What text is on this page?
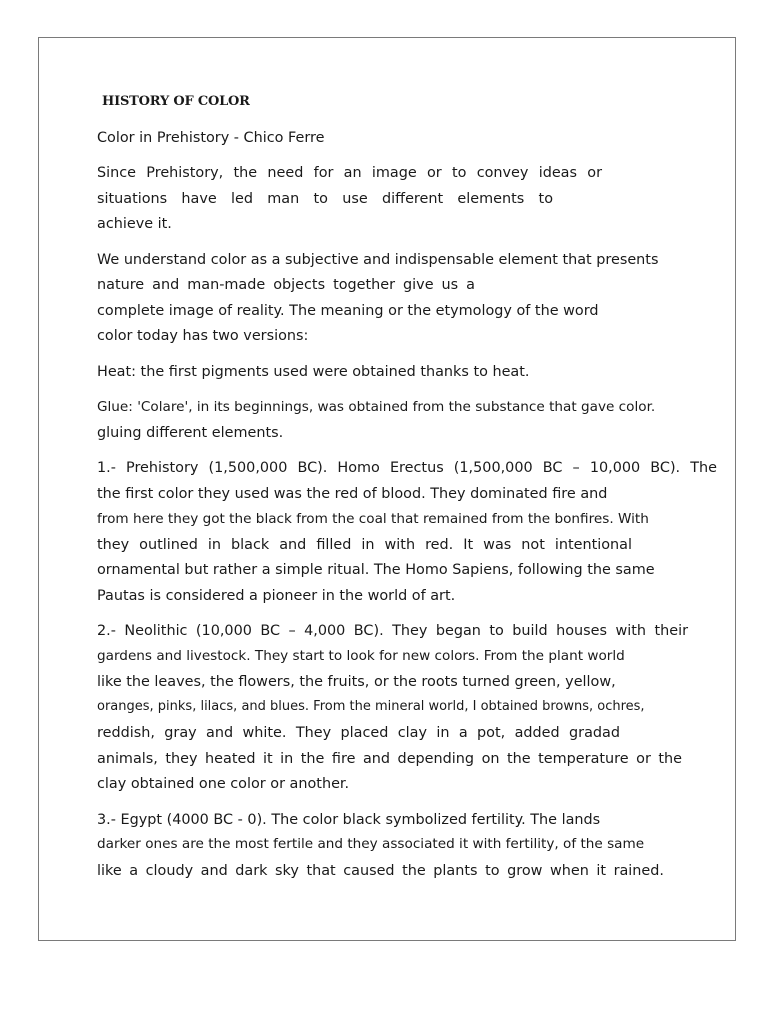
HISTORY OF COLOR

Color in Prehistory - Chico Ferre

Since Prehistory, the need for an image or to convey ideas or

situations have led man to use different elements to

achieve it.

We understand color as a subjective and indispensable element that presents

nature and man-made objects together give us a

complete image of reality. The meaning or the etymology of the word

color today has two versions:

Heat: the first pigments used were obtained thanks to heat.

Glue: 'Colare', in its beginnings, was obtained from the substance that gave color.

gluing different elements.

1.- Prehistory (1,500,000 BC). Homo Erectus (1,500,000 BC – 10,000 BC). The

the first color they used was the red of blood. They dominated fire and

from here they got the black from the coal that remained from the bonfires. With

they outlined in black and filled in with red. It was not intentional

ornamental but rather a simple ritual. The Homo Sapiens, following the same

Pautas is considered a pioneer in the world of art.

2.- Neolithic (10,000 BC – 4,000 BC). They began to build houses with their

gardens and livestock. They start to look for new colors. From the plant world

like the leaves, the flowers, the fruits, or the roots turned green, yellow,

oranges, pinks, lilacs, and blues. From the mineral world, I obtained browns, ochres,

reddish, gray and white. They placed clay in a pot, added gradad

animals, they heated it in the fire and depending on the temperature or the

clay obtained one color or another.

3.- Egypt (4000 BC - 0). The color black symbolized fertility. The lands

darker ones are the most fertile and they associated it with fertility, of the same

like a cloudy and dark sky that caused the plants to grow when it rained.
